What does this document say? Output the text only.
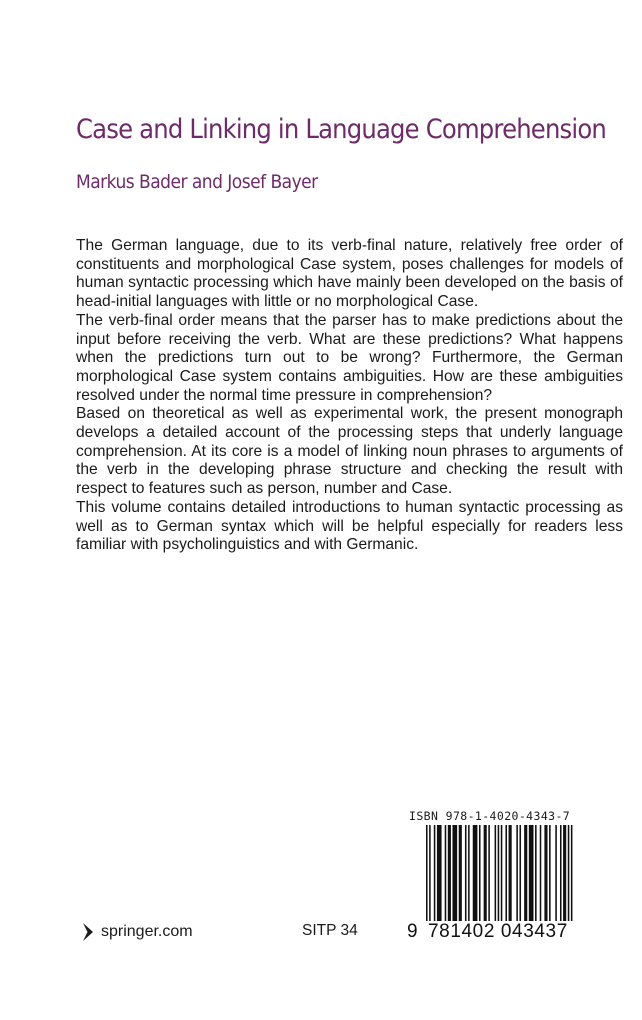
Case and Linking in Language Comprehension
Markus Bader and Josef Bayer

The German language, due to its verb-final nature, relatively free order of constituents and morphological Case system, poses challenges for models of human syntactic processing which have mainly been developed on the basis of head-initial languages with little or no morphological Case.

The verb-final order means that the parser has to make predictions about the input before receiving the verb. What are these predictions? What happens when the predictions turn out to be wrong? Furthermore, the German morphological Case system contains ambiguities. How are these ambiguities resolved under the normal time pressure in comprehension?

Based on theoretical as well as experimental work, the present monograph develops a detailed account of the processing steps that underly language comprehension. At its core is a model of linking noun phrases to arguments of the verb in the developing phrase structure and checking the result with respect to features such as person, number and Case.

This volume contains detailed introductions to human syntactic processing as well as to German syntax which will be helpful especially for readers less familiar with psycholinguistics and with Germanic.

ISBN 978-1-4020-4343-7
9 781402 043437
springer.com	SITP 34
